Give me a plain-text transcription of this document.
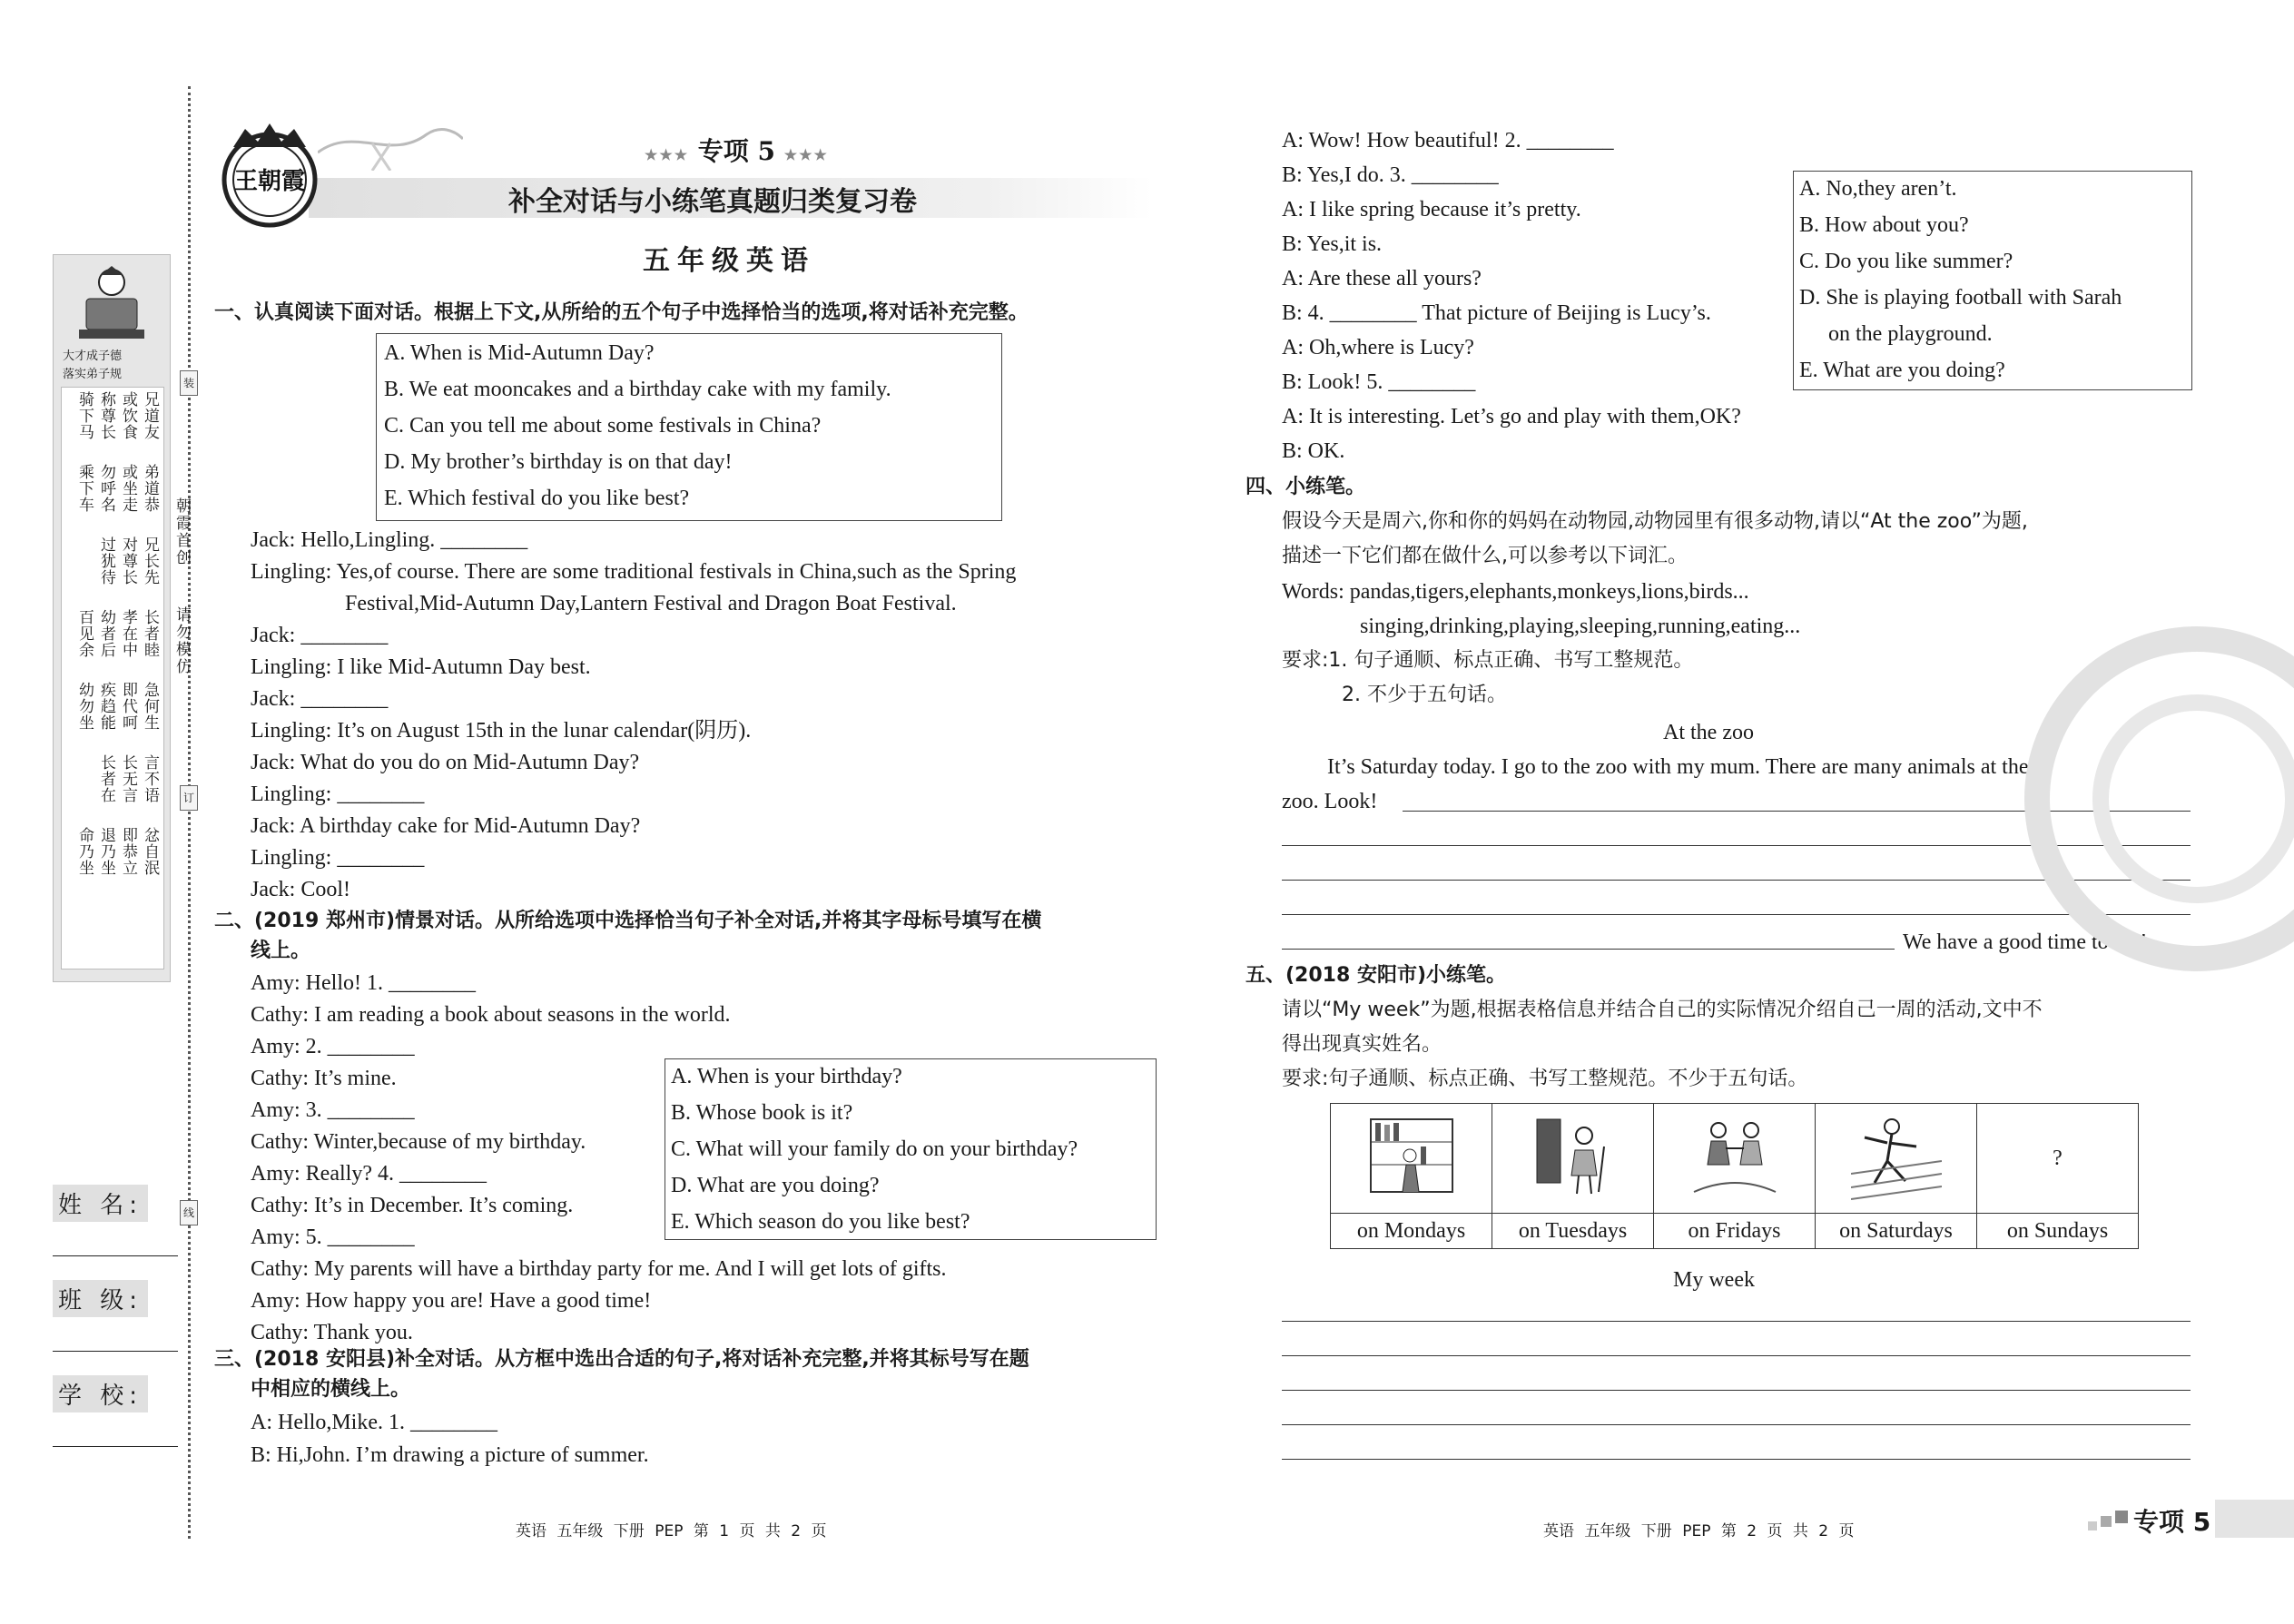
装
订
线
朝霞首创
请勿模仿
大才成子德
落实弟子规
兄道友
或饮食
称尊长
骑下马
弟道恭
或坐走
勿呼名
乘下车
兄长先
对尊长
过犹待
长者睦
孝在中
幼者后
百见余
急何生
即代呵
疾趋能
幼勿坐
言不语
长无言
长者在
忿自泯
即恭立
退乃坐
命乃坐
姓 名:
班 级:
学 校:
王朝霞
★★★ 专项 5 ★★★
补全对话与小练笔真题归类复习卷
五年级英语
一、认真阅读下面对话。根据上下文,从所给的五个句子中选择恰当的选项,将对话补充完整。
A. When is Mid-Autumn Day?
B. We eat mooncakes and a birthday cake with my family.
C. Can you tell me about some festivals in China?
D. My brother’s birthday is on that day!
E. Which festival do you like best?
Jack: Hello,Lingling. ________
Lingling: Yes,of course. There are some traditional festivals in China,such as the Spring
Festival,Mid-Autumn Day,Lantern Festival and Dragon Boat Festival.
Jack: ________
Lingling: I like Mid-Autumn Day best.
Jack: ________
Lingling: It’s on August 15th in the lunar calendar(阴历).
Jack: What do you do on Mid-Autumn Day?
Lingling: ________
Jack: A birthday cake for Mid-Autumn Day?
Lingling: ________
Jack: Cool!
二、(2019 郑州市)情景对话。从所给选项中选择恰当句子补全对话,并将其字母标号填写在横
线上。
Amy: Hello! 1. ________
Cathy: I am reading a book about seasons in the world.
Amy: 2. ________
Cathy: It’s mine.
Amy: 3. ________
Cathy: Winter,because of my birthday.
Amy: Really? 4. ________
Cathy: It’s in December. It’s coming.
Amy: 5. ________
Cathy: My parents will have a birthday party for me. And I will get lots of gifts.
Amy: How happy you are! Have a good time!
Cathy: Thank you.
A. When is your birthday?
B. Whose book is it?
C. What will your family do on your birthday?
D. What are you doing?
E. Which season do you like best?
三、(2018 安阳县)补全对话。从方框中选出合适的句子,将对话补充完整,并将其标号写在题
中相应的横线上。
A: Hello,Mike. 1. ________
B: Hi,John. I’m drawing a picture of summer.
A: Wow! How beautiful! 2. ________
B: Yes,I do. 3. ________
A: I like spring because it’s pretty.
B: Yes,it is.
A: Are these all yours?
B: 4. ________ That picture of Beijing is Lucy’s.
A: Oh,where is Lucy?
B: Look! 5. ________
A: It is interesting. Let’s go and play with them,OK?
B: OK.
A. No,they aren’t.
B. How about you?
C. Do you like summer?
D. She is playing football with Sarah
on the playground.
E. What are you doing?
四、小练笔。
假设今天是周六,你和你的妈妈在动物园,动物园里有很多动物,请以“At the zoo”为题,
描述一下它们都在做什么,可以参考以下词汇。
Words: pandas,tigers,elephants,monkeys,lions,birds...
singing,drinking,playing,sleeping,running,eating...
要求:1. 句子通顺、标点正确、书写工整规范。
2. 不少于五句话。
At the zoo
It’s Saturday today. I go to the zoo with my mum. There are many animals at the
zoo. Look!
We have a good time today!
五、(2018 安阳市)小练笔。
请以“My week”为题,根据表格信息并结合自己的实际情况介绍自己一周的活动,文中不
得出现真实姓名。
要求:句子通顺、标点正确、书写工整规范。不少于五句话。
				?
on Mondays	on Tuesdays	on Fridays	on Saturdays	on Sundays
My week
英语 五年级 下册 PEP 第 1 页 共 2 页	英语 五年级 下册 PEP 第 2 页 共 2 页	专项 5
